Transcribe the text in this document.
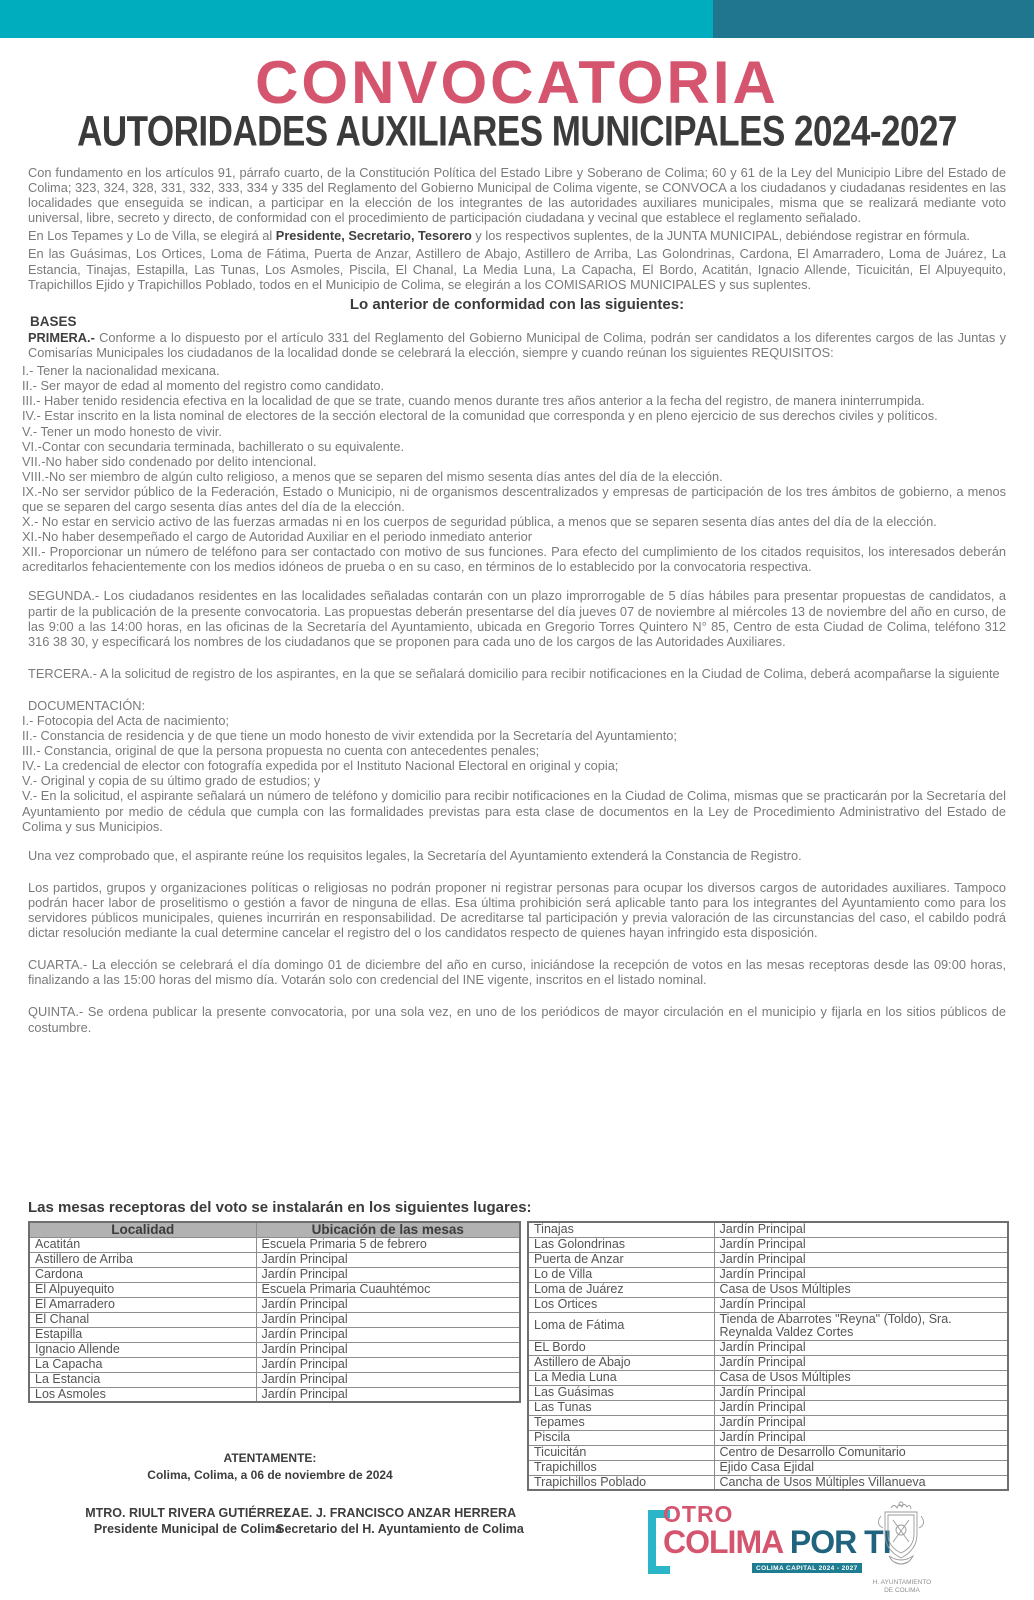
CONVOCATORIA
AUTORIDADES AUXILIARES MUNICIPALES 2024-2027
Con fundamento en los artículos 91, párrafo cuarto, de la Constitución Política del Estado Libre y Soberano de Colima; 60 y 61 de la Ley del Municipio Libre del Estado de Colima; 323, 324, 328, 331, 332, 333, 334 y 335 del Reglamento del Gobierno Municipal de Colima vigente, se CONVOCA a los ciudadanos y ciudadanas residentes en las localidades que enseguida se indican, a participar en la elección de los integrantes de las autoridades auxiliares municipales, misma que se realizará mediante voto universal, libre, secreto y directo, de conformidad con el procedimiento de participación ciudadana y vecinal que establece el reglamento señalado.
En Los Tepames y Lo de Villa, se elegirá al Presidente, Secretario, Tesorero y los respectivos suplentes, de la JUNTA MUNICIPAL, debiéndose registrar en fórmula.
En las Guásimas, Los Ortices, Loma de Fátima, Puerta de Anzar, Astillero de Abajo, Astillero de Arriba, Las Golondrinas, Cardona, El Amarradero, Loma de Juárez, La Estancia, Tinajas, Estapilla, Las Tunas, Los Asmoles, Piscila, El Chanal, La Media Luna, La Capacha, El Bordo, Acatitán, Ignacio Allende, Ticuicitán, El Alpuyequito, Trapichillos Ejido y Trapichillos Poblado, todos en el Municipio de Colima, se elegirán a los COMISARIOS MUNICIPALES y sus suplentes.
Lo anterior de conformidad con las siguientes:
BASES
PRIMERA.- Conforme a lo dispuesto por el artículo 331 del Reglamento del Gobierno Municipal de Colima, podrán ser candidatos a los diferentes cargos de las Juntas y Comisarías Municipales los ciudadanos de la localidad donde se celebrará la elección, siempre y cuando reúnan los siguientes REQUISITOS:
I.- Tener la nacionalidad mexicana.
II.- Ser mayor de edad al momento del registro como candidato.
III.- Haber tenido residencia efectiva en la localidad de que se trate, cuando menos durante tres años anterior a la fecha del registro, de manera ininterrumpida.
IV.- Estar inscrito en la lista nominal de electores de la sección electoral de la comunidad que corresponda y en pleno ejercicio de sus derechos civiles y políticos.
V.- Tener un modo honesto de vivir.
VI.-Contar con secundaria terminada, bachillerato o su equivalente.
VII.-No haber sido condenado por delito intencional.
VIII.-No ser miembro de algún culto religioso, a menos que se separen del mismo sesenta días antes del día de la elección.
IX.-No ser servidor público de la Federación, Estado o Municipio, ni de organismos descentralizados y empresas de participación de los tres ámbitos de gobierno, a menos que se separen del cargo sesenta días antes del día de la elección.
X.- No estar en servicio activo de las fuerzas armadas ni en los cuerpos de seguridad pública, a menos que se separen sesenta días antes del día de la elección.
XI.-No haber desempeñado el cargo de Autoridad Auxiliar en el periodo inmediato anterior
XII.- Proporcionar un número de teléfono para ser contactado con motivo de sus funciones. Para efecto del cumplimiento de los citados requisitos, los interesados deberán acreditarlos fehacientemente con los medios idóneos de prueba o en su caso, en términos de lo establecido por la convocatoria respectiva.
SEGUNDA.- Los ciudadanos residentes en las localidades señaladas contarán con un plazo improrrogable de 5 días hábiles para presentar propuestas de candidatos, a partir de la publicación de la presente convocatoria. Las propuestas deberán presentarse del día jueves 07 de noviembre al miércoles 13 de noviembre del año en curso, de las 9:00 a las 14:00 horas, en las oficinas de la Secretaría del Ayuntamiento, ubicada en Gregorio Torres Quintero N° 85, Centro de esta Ciudad de Colima, teléfono 312 316 38 30, y especificará los nombres de los ciudadanos que se proponen para cada uno de los cargos de las Autoridades Auxiliares.
TERCERA.- A la solicitud de registro de los aspirantes, en la que se señalará domicilio para recibir notificaciones en la Ciudad de Colima, deberá acompañarse la siguiente
DOCUMENTACIÓN:
I.- Fotocopia del Acta de nacimiento;
II.- Constancia de residencia y de que tiene un modo honesto de vivir extendida por la Secretaría del Ayuntamiento;
III.- Constancia, original de que la persona propuesta no cuenta con antecedentes penales;
IV.- La credencial de elector con fotografía expedida por el Instituto Nacional Electoral en original y copia;
V.- Original y copia de su último grado de estudios; y
V.- En la solicitud, el aspirante señalará un número de teléfono y domicilio para recibir notificaciones en la Ciudad de Colima, mismas que se practicarán por la Secretaría del Ayuntamiento por medio de cédula que cumpla con las formalidades previstas para esta clase de documentos en la Ley de Procedimiento Administrativo del Estado de Colima y sus Municipios.
Una vez comprobado que, el aspirante reúne los requisitos legales, la Secretaría del Ayuntamiento extenderá la Constancia de Registro.
Los partidos, grupos y organizaciones políticas o religiosas no podrán proponer ni registrar personas para ocupar los diversos cargos de autoridades auxiliares. Tampoco podrán hacer labor de proselitismo o gestión a favor de ninguna de ellas. Esa última prohibición será aplicable tanto para los integrantes del Ayuntamiento como para los servidores públicos municipales, quienes incurrirán en responsabilidad. De acreditarse tal participación y previa valoración de las circunstancias del caso, el cabildo podrá dictar resolución mediante la cual determine cancelar el registro del o los candidatos respecto de quienes hayan infringido esta disposición.
CUARTA.- La elección se celebrará el día domingo 01 de diciembre del año en curso, iniciándose la recepción de votos en las mesas receptoras desde las 09:00 horas, finalizando a las 15:00 horas del mismo día. Votarán solo con credencial del INE vigente, inscritos en el listado nominal.
QUINTA.- Se ordena publicar la presente convocatoria, por una sola vez, en uno de los periódicos de mayor circulación en el municipio y fijarla en los sitios públicos de costumbre.
Las mesas receptoras del voto se instalarán en los siguientes lugares:
Localidad	Ubicación de las mesas
Acatitán	Escuela Primaria 5 de febrero
Astillero de Arriba	Jardín Principal
Cardona	Jardín Principal
El Alpuyequito	Escuela Primaria Cuauhtémoc
El Amarradero	Jardín Principal
El Chanal	Jardín Principal
Estapilla	Jardín Principal
Ignacio Allende	Jardín Principal
La Capacha	Jardín Principal
La Estancia	Jardín Principal
Los Asmoles	Jardín Principal
Tinajas	Jardín Principal
Las Golondrinas	Jardín Principal
Puerta de Anzar	Jardín Principal
Lo de Villa	Jardín Principal
Loma de Juárez	Casa de Usos Múltiples
Los Ortices	Jardín Principal
Loma de Fátima	Tienda de Abarrotes "Reyna" (Toldo), Sra. Reynalda Valdez Cortes
EL Bordo	Jardín Principal
Astillero de Abajo	Jardín Principal
La Media Luna	Casa de Usos Múltiples
Las Guásimas	Jardín Principal
Las Tunas	Jardín Principal
Tepames	Jardín Principal
Piscila	Jardín Principal
Ticuicitán	Centro de Desarrollo Comunitario
Trapichillos	Ejido Casa Ejidal
Trapichillos Poblado	Cancha de Usos Múltiples Villanueva
ATENTAMENTE:
Colima, Colima, a 06 de noviembre de 2024
MTRO. RIULT RIVERA GUTIÉRREZ
Presidente Municipal de Colima
LAE. J. FRANCISCO ANZAR HERRERA
Secretario del H. Ayuntamiento de Colima
OTRO
COLIMA POR TI
COLIMA CAPITAL 2024 - 2027
H. AYUNTAMIENTO
DE COLIMA
